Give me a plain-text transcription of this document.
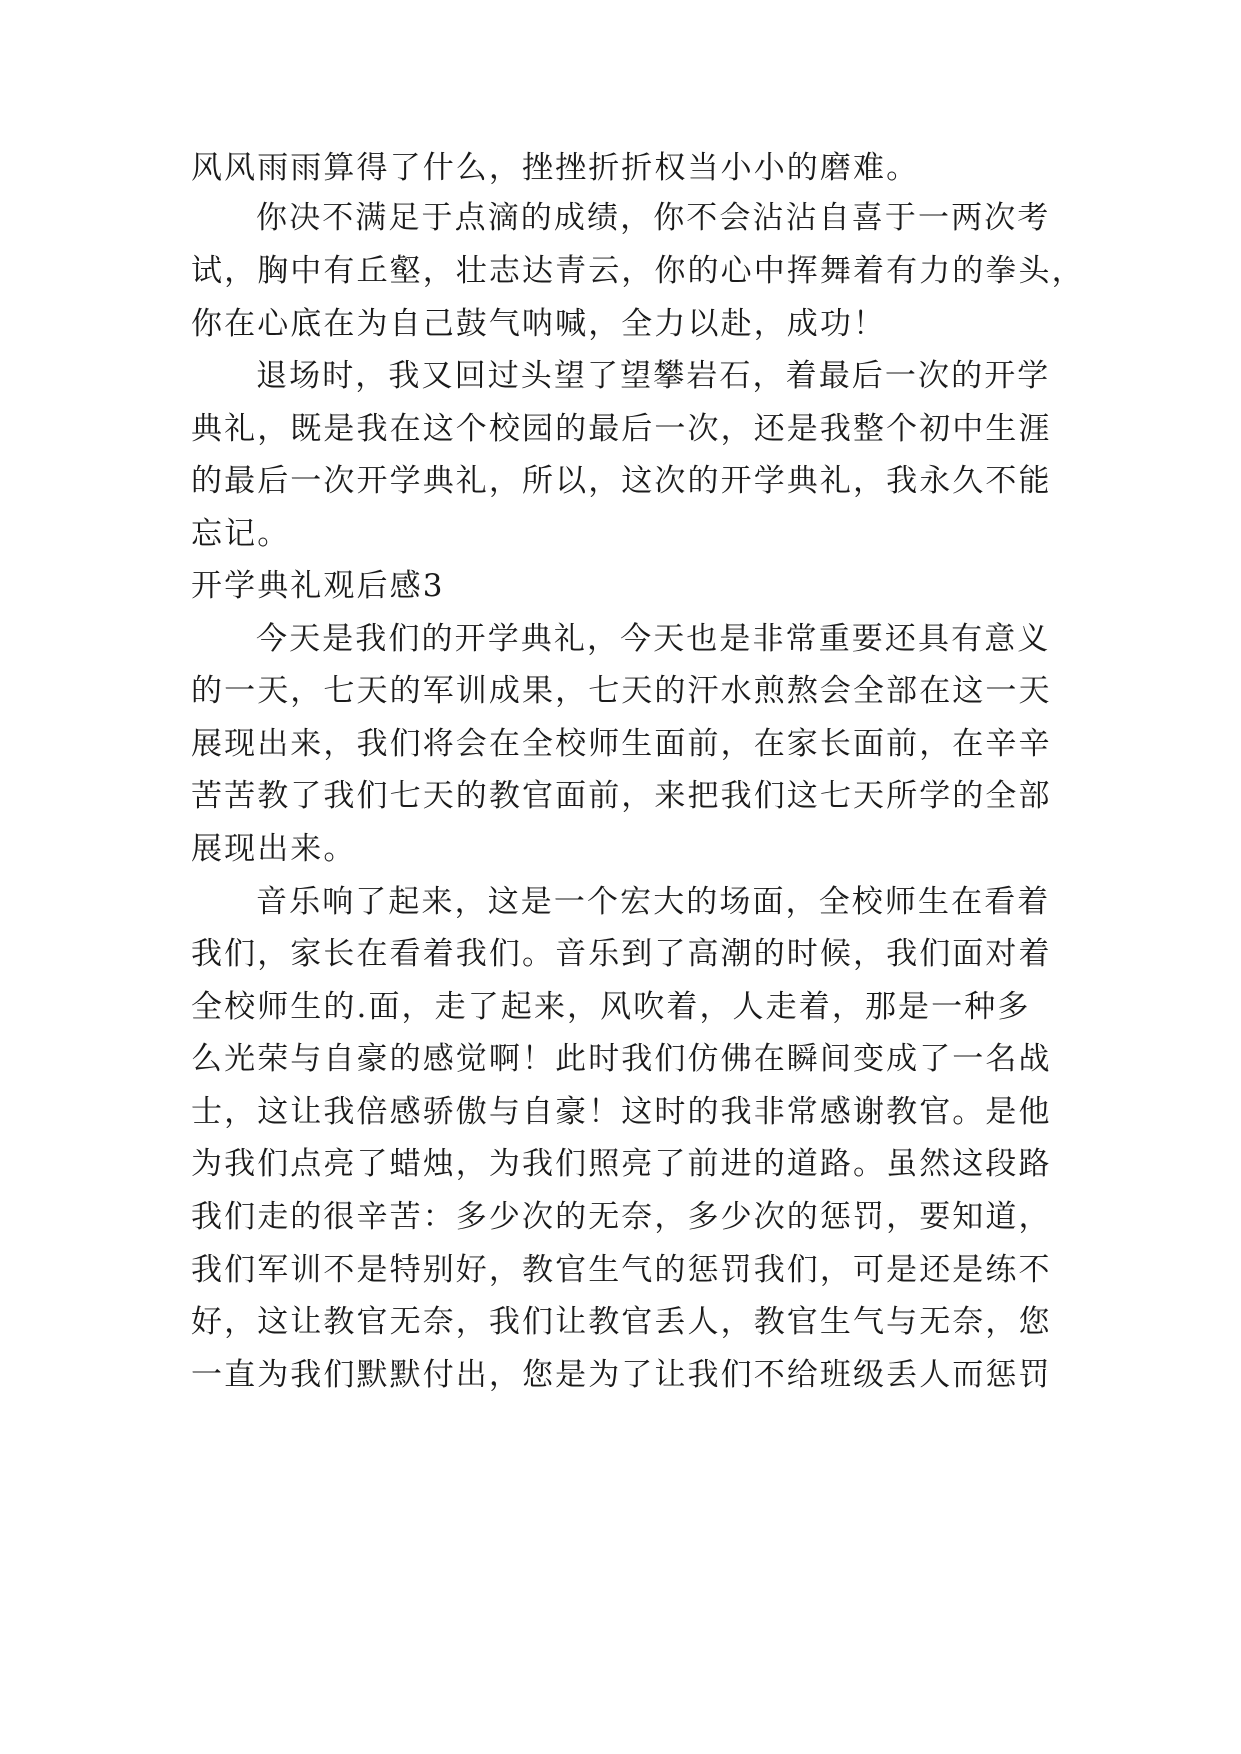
风风雨雨算得了什么，挫挫折折权当小小的磨难。
你决不满足于点滴的成绩，你不会沾沾自喜于一两次考
试，胸中有丘壑，壮志达青云，你的心中挥舞着有力的拳头，
你在心底在为自己鼓气呐喊，全力以赴，成功！
退场时，我又回过头望了望攀岩石，着最后一次的开学
典礼，既是我在这个校园的最后一次，还是我整个初中生涯
的最后一次开学典礼，所以，这次的开学典礼，我永久不能
忘记。
开学典礼观后感3
今天是我们的开学典礼，今天也是非常重要还具有意义
的一天，七天的军训成果，七天的汗水煎熬会全部在这一天
展现出来，我们将会在全校师生面前，在家长面前，在辛辛
苦苦教了我们七天的教官面前，来把我们这七天所学的全部
展现出来。
音乐响了起来，这是一个宏大的场面，全校师生在看着
我们，家长在看着我们。音乐到了高潮的时候，我们面对着
全校师生的.面，走了起来，风吹着，人走着，那是一种多
么光荣与自豪的感觉啊！此时我们仿佛在瞬间变成了一名战
士，这让我倍感骄傲与自豪！这时的我非常感谢教官。是他
为我们点亮了蜡烛，为我们照亮了前进的道路。虽然这段路
我们走的很辛苦：多少次的无奈，多少次的惩罚，要知道，
我们军训不是特别好，教官生气的惩罚我们，可是还是练不
好，这让教官无奈，我们让教官丢人，教官生气与无奈，您
一直为我们默默付出，您是为了让我们不给班级丢人而惩罚
